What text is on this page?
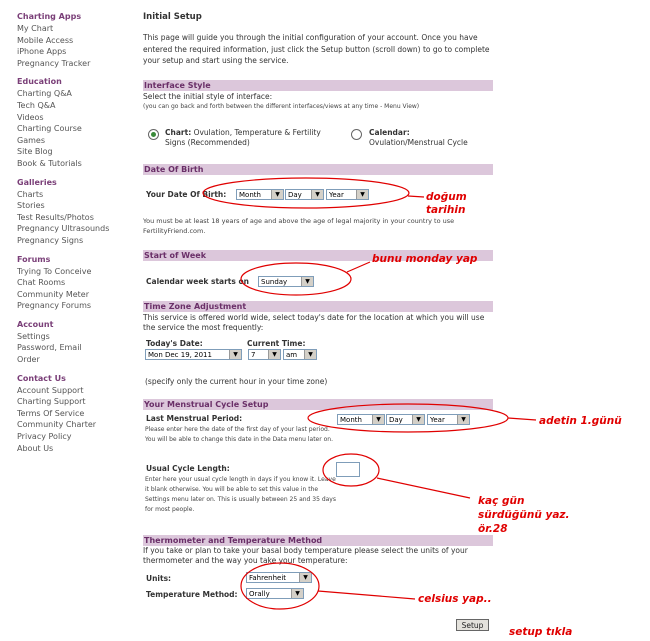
Charting Apps
My Chart
Mobile Access
iPhone Apps
Pregnancy Tracker
Education
Charting Q&A
Tech Q&A
Videos
Charting Course
Games
Site Blog
Book & Tutorials
Galleries
Charts
Stories
Test Results/Photos
Pregnancy Ultrasounds
Pregnancy Signs
Forums
Trying To Conceive
Chat Rooms
Community Meter
Pregnancy Forums
Account
Settings
Password, Email
Order
Contact Us
Account Support
Charting Support
Terms Of Service
Community Charter
Privacy Policy
About Us
Initial Setup
This page will guide you through the initial configuration of your account. Once you have entered the required information, just click the Setup button (scroll down) to go to complete your setup and start using the service.
Interface Style
Select the initial style of interface:
(you can go back and forth between the different interfaces/views at any time - Menu View)
Chart: Ovulation, Temperature & Fertility
Signs (Recommended)
Calendar:
Ovulation/Menstrual Cycle
Date Of Birth
Your Date Of Birth:	Month	▼	Day	▼	Year	▼
You must be at least 18 years of age and above the age of legal majority in your country to use FertilityFriend.com.
Start of Week
Calendar week starts on	Sunday	▼
Time Zone Adjustment
This service is offered world wide, select today's date for the location at which you will use the service the most frequently:
Today's Date:	Current Time:
Mon Dec 19, 2011	▼	7	▼	am	▼
(specify only the current hour in your time zone)
Your Menstrual Cycle Setup
Last Menstrual Period:
Please enter here the date of the first day of your last period. You will be able to change this date in the Data menu later on.
Month	▼	Day	▼	Year	▼
Usual Cycle Length:
Enter here your usual cycle length in days if you know it. Leave it blank otherwise. You will be able to set this value in the Settings menu later on. This is usually between 25 and 35 days for most people.
Thermometer and Temperature Method
If you take or plan to take your basal body temperature please select the units of your thermometer and the way you take your temperature:
Units:	Fahrenheit	▼
Temperature Method:	Orally	▼
Setup
doğum tarihin
bunu monday yap
adetin 1.günü
kaç gün
sürdüğünü yaz.
ör.28
celsius yap..
setup tıkla
